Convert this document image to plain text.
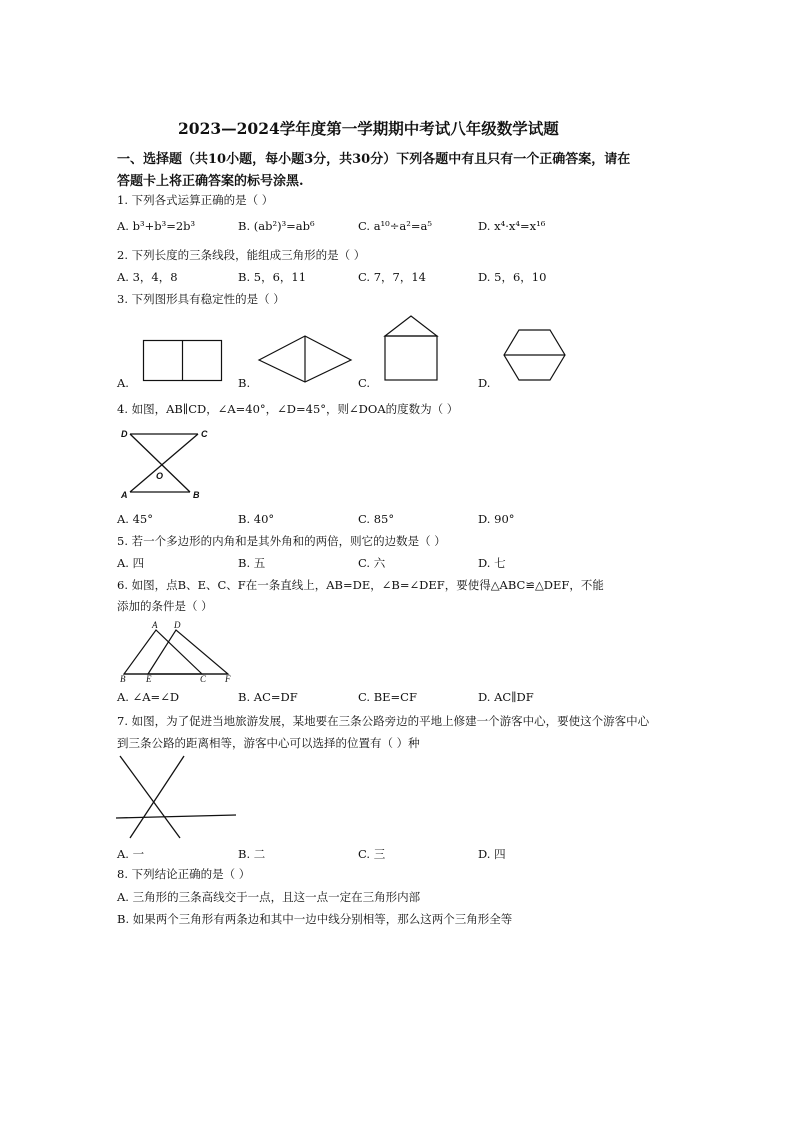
2023—2024学年度第一学期期中考试八年级数学试题
一、选择题（共10小题，每小题3分，共30分）下列各题中有且只有一个正确答案，请在
答题卡上将正确答案的标号涂黑.
1. 下列各式运算正确的是（ ）
A. b³+b³=2b³	B. (ab²)³=ab⁶	C. a¹⁰÷a²=a⁵	D. x⁴·x⁴=x¹⁶
2. 下列长度的三条线段，能组成三角形的是（ ）
A. 3，4，8	B. 5，6，11	C. 7，7，14	D. 5，6，10
3. 下列图形具有稳定性的是（ ）
A.	B.	C.	D.
4. 如图，AB∥CD，∠A=40°，∠D=45°，则∠DOA的度数为（ ）
D	C
O
A	B
A. 45°	B. 40°	C. 85°	D. 90°
5. 若一个多边形的内角和是其外角和的两倍，则它的边数是（ ）
A. 四	B. 五	C. 六	D. 七
6. 如图，点B、E、C、F在一条直线上，AB=DE，∠B=∠DEF，要使得△ABC≌△DEF，不能
添加的条件是（ ）
A D
B E	C F
A. ∠A=∠D	B. AC=DF	C. BE=CF	D. AC∥DF
7. 如图，为了促进当地旅游发展，某地要在三条公路旁边的平地上修建一个游客中心，要使这个游客中心
到三条公路的距离相等，游客中心可以选择的位置有（ ）种
A. 一	B. 二	C. 三	D. 四
8. 下列结论正确的是（ ）
A. 三角形的三条高线交于一点，且这一点一定在三角形内部
B. 如果两个三角形有两条边和其中一边中线分别相等，那么这两个三角形全等
